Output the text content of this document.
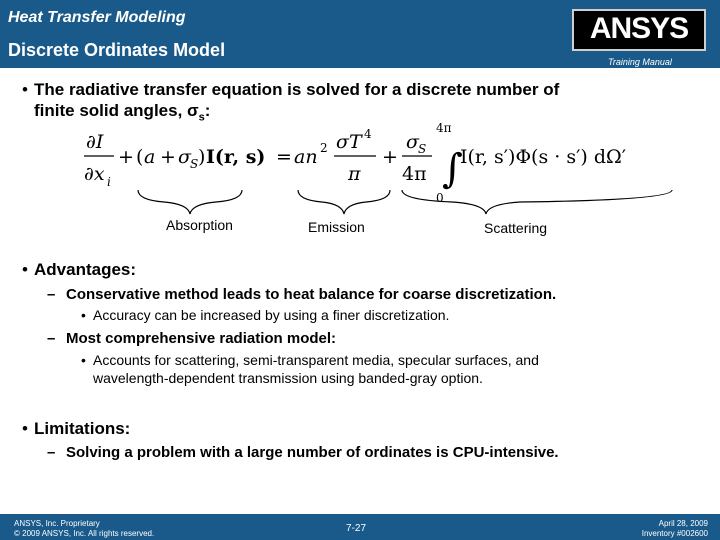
Heat Transfer Modeling
Discrete Ordinates Model
ANSYS
Training Manual
• The radiative transfer equation is solved for a discrete number of
finite solid angles, $\sigma_s$:
∂I
∂x i
+ ( a + σ S ) I(r, s) = an 2 σT 4
π
+
σ S
4π
4π
∫
0
I(r, s′)Φ(s · s′) dΩ′
Absorption	Emission	Scattering
• Advantages:
– Conservative method leads to heat balance for coarse discretization.
• Accuracy can be increased by using a finer discretization.
– Most comprehensive radiation model:
• Accounts for scattering, semi-transparent media, specular surfaces, and
wavelength-dependent transmission using banded-gray option.
• Limitations:
– Solving a problem with a large number of ordinates is CPU-intensive.
ANSYS, Inc. Proprietary
© 2009 ANSYS, Inc. All rights reserved.	7-27	April 28, 2009
Inventory #002600
